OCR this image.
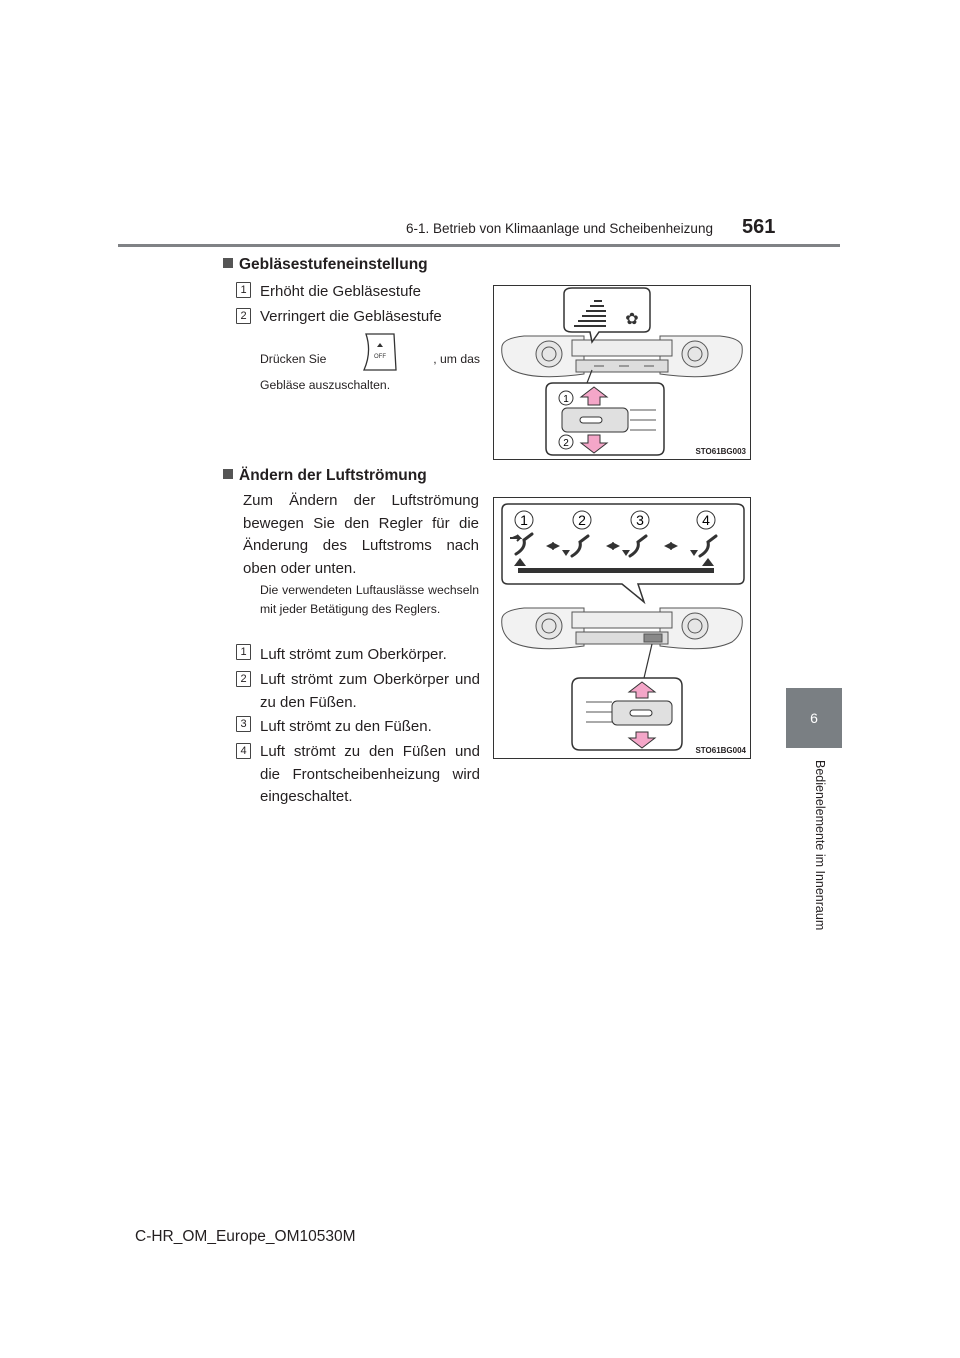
6-1. Betrieb von Klimaanlage und Scheibenheizung 561
6
Bedienelemente im Innenraum
Gebläsestufeneinstellung
1 Erhöht die Gebläsestufe
2 Verringert die Gebläsestufe
Drücken Sie	OFF	, um das
Gebläse auszuschalten.
✿
1
2
STO61BG003
Ändern der Luftströmung
Zum Ändern der Luftströmung bewegen Sie den Regler für die Änderung des Luftstroms nach oben oder unten.
Die verwendeten Luftauslässe wechseln mit jeder Betätigung des Reglers.
1 Luft strömt zum Oberkörper.
2 Luft strömt zum Oberkörper und zu den Füßen.
3 Luft strömt zu den Füßen.
4 Luft strömt zu den Füßen und die Frontscheibenheizung wird eingeschaltet.
1	2	3	4
STO61BG004
C-HR_OM_Europe_OM10530M
